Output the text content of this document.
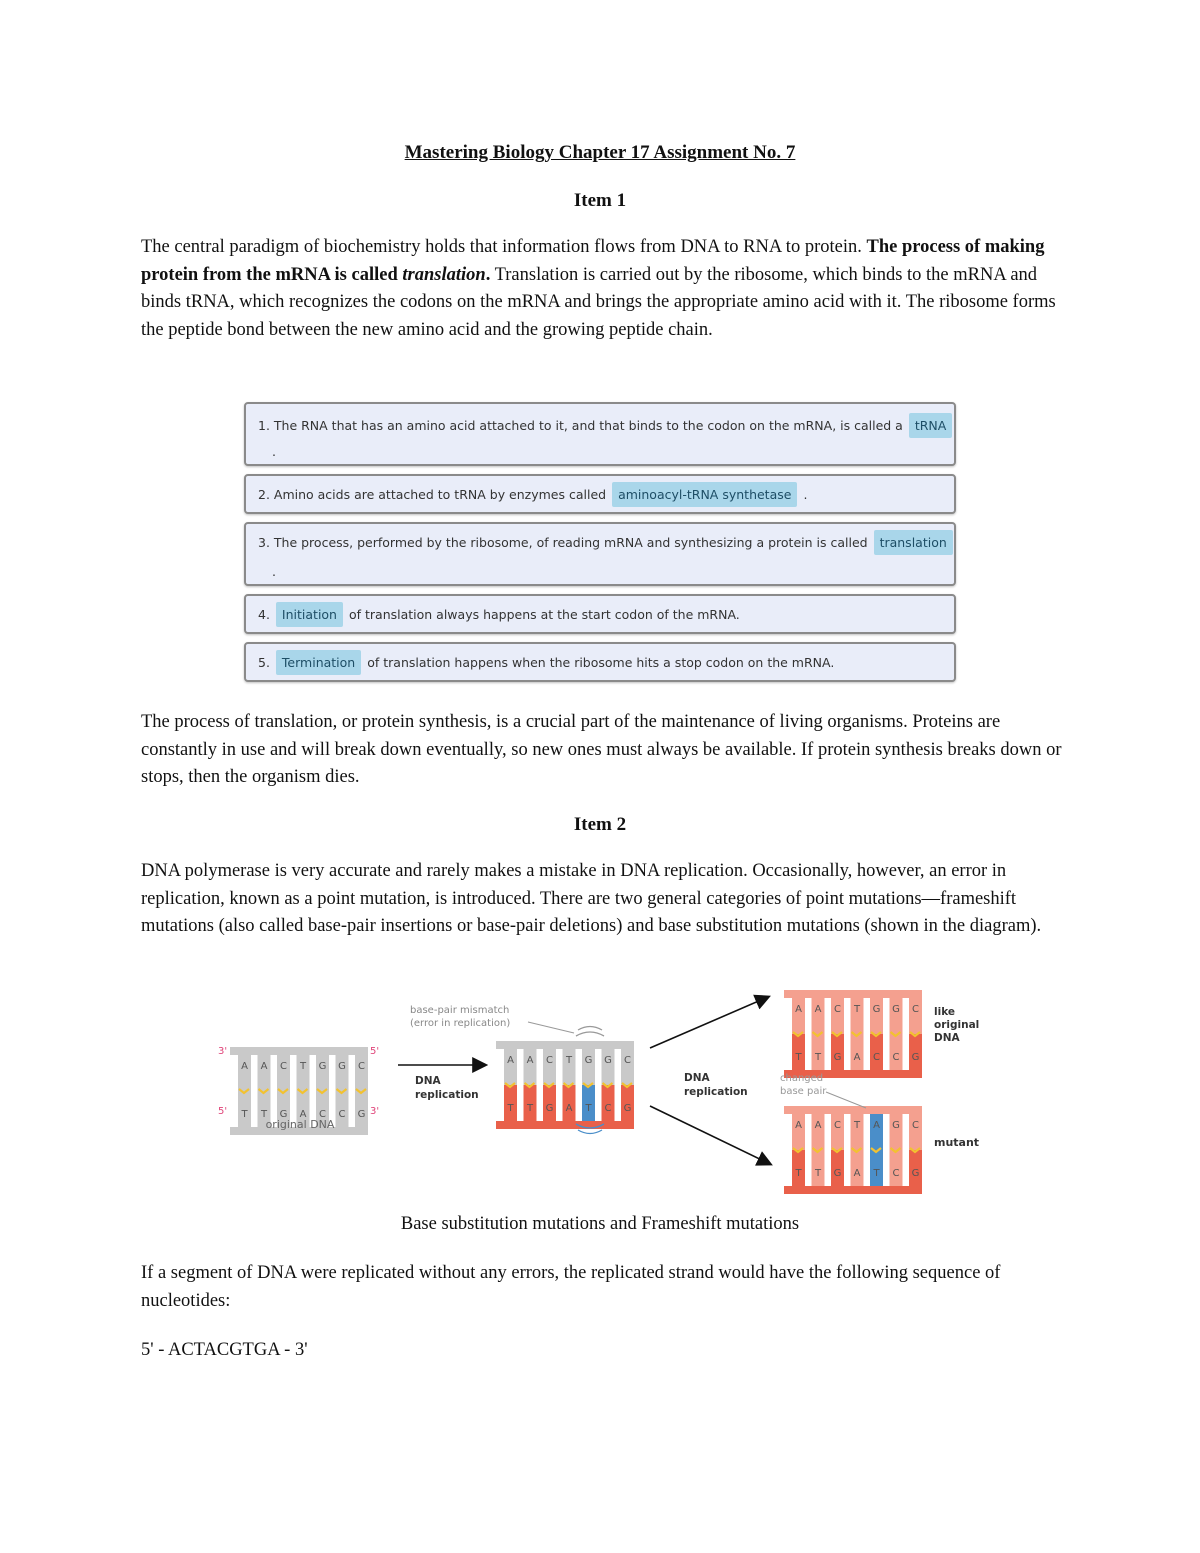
Mastering Biology Chapter 17 Assignment No. 7
Item 1
The central paradigm of biochemistry holds that information flows from DNA to RNA to protein. The process of making protein from the mRNA is called translation. Translation is carried out by the ribosome, which binds to the mRNA and binds tRNA, which recognizes the codons on the mRNA and brings the appropriate amino acid with it. The ribosome forms the peptide bond between the new amino acid and the growing peptide chain.
1. The RNA that has an amino acid attached to it, and that binds to the codon on the mRNA, is called a tRNA
.
2. Amino acids are attached to tRNA by enzymes called aminoacyl-tRNA synthetase .
3. The process, performed by the ribosome, of reading mRNA and synthesizing a protein is called translation
.
4. Initiation of translation always happens at the start codon of the mRNA.
5. Termination of translation happens when the ribosome hits a stop codon on the mRNA.
The process of translation, or protein synthesis, is a crucial part of the maintenance of living organisms. Proteins are constantly in use and will break down eventually, so new ones must always be available. If protein synthesis breaks down or stops, then the organism dies.
Item 2
DNA polymerase is very accurate and rarely makes a mistake in DNA replication. Occasionally, however, an error in replication, known as a point mutation, is introduced. There are two general categories of point mutations—frameshift mutations (also called base-pair insertions or base-pair deletions) and base substitution mutations (shown in the diagram).
A
T
A
T
C
G
T
A
G
C
G
C
C
G
3'	5'
5'	3'
original DNA
DNA
replication
A
T
A
T
C
G
T
A
G
T
G
C
C
G
base-pair mismatch
(error in replication)
DNA
replication
A
T
A
T
C
G
T
A
G
C
G
C
C
G
like
original
DNA
A
T
A
T
C
G
T
A
A
T
G
C
C
G
changed
base pair
mutant
Base substitution mutations and Frameshift mutations
If a segment of DNA were replicated without any errors, the replicated strand would have the following sequence of nucleotides:
5' - ACTACGTGA - 3'
